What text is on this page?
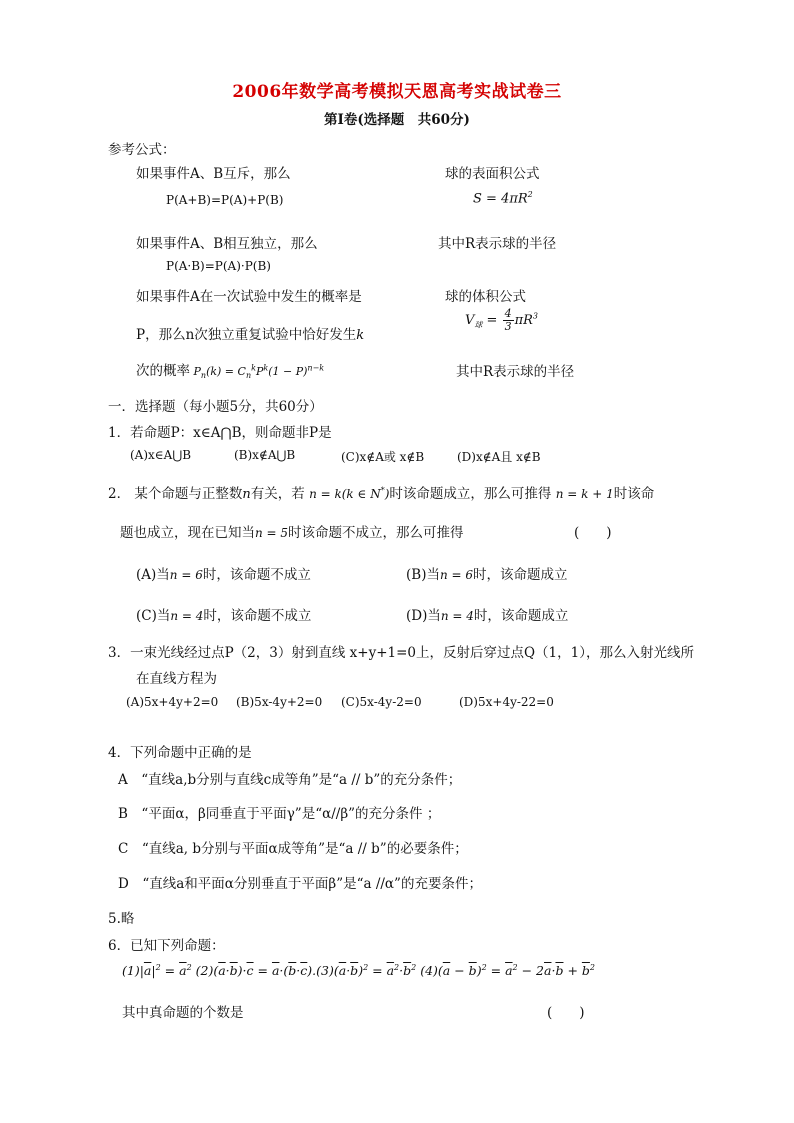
2006年数学高考模拟天恩高考实战试卷三
第Ⅰ卷(选择题　共60分)
参考公式：
如果事件A、B互斥，那么	球的表面积公式
P(A+B)=P(A)+P(B)	$S = 4\pi R^2$
如果事件A、B相互独立，那么	其中R表示球的半径
P(A·B)=P(A)·P(B)
如果事件A在一次试验中发生的概率是	球的体积公式
P，那么n次独立重复试验中恰好发生k
$V_球 = \frac{4}{3} \pi R^3$
次的概率 $P_n(k) = C_n^kP^k(1 - P)^{n-k}$	其中R表示球的半径
一．选择题（每小题5分，共60分）
1．若命题P：x∈A⋂B，则命题非P是
(A)x∈A⋃B	(B)x∉A⋃B	(C)x∉A或 x∉B	(D)x∉A且 x∉B
2． 某个命题与正整数n有关，若 n = k(k ∈ N*)时该命题成立，那么可推得 n = k + 1时该命
题也成立，现在已知当n = 5时该命题不成立，那么可推得	(　　)
(A)当n = 6时，该命题不成立	(B)当n = 6时，该命题成立
(C)当n = 4时，该命题不成立	(D)当n = 4时，该命题成立
3．一束光线经过点P（2，3）射到直线 x+y+1=0上，反射后穿过点Q（1，1），那么入射光线所
在直线方程为
(A)5x+4y+2=0 (B)5x-4y+2=0 (C)5x-4y-2=0	(D)5x+4y-22=0
4．下列命题中正确的是
A　“直线a,b分别与直线c成等角”是“a // b”的充分条件；
B　“平面α，β同垂直于平面γ”是“α//β”的充分条件 ；
C　“直线a, b分别与平面α成等角”是“a // b”的必要条件；
D　“直线a和平面α分别垂直于平面β”是“a //α”的充要条件；
5.略
6．已知下列命题：
$(1)|\overline{a}|^2 = \overline{a}^2$ $(2)(\overline{a}\cdot\overline{b})\cdot\overline{c} = \overline{a}\cdot(\overline{b}\cdot\overline{c}).(3)(\overline{a}\cdot\overline{b})^2 = \overline{a}^2\cdot\overline{b}^2$ $(4)(\overline{a} - \overline{b})^2 = \overline{a}^2 - 2\overline{a}\cdot\overline{b} + \overline{b}^2$
其中真命题的个数是	(　　)
